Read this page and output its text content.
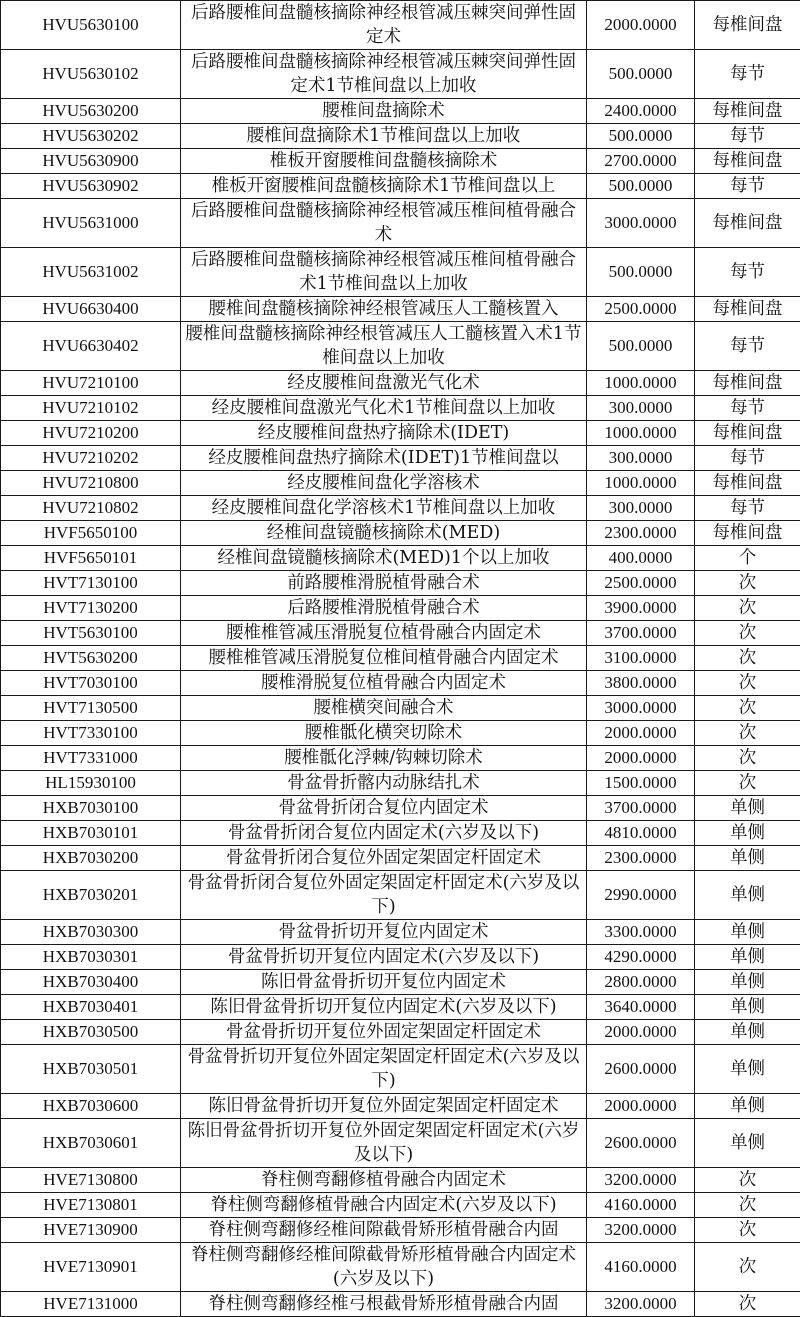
HVU5630100	后路腰椎间盘髓核摘除神经根管减压棘突间弹性固定术	2000.0000	每椎间盘
HVU5630102	后路腰椎间盘髓核摘除神经根管减压棘突间弹性固定术1节椎间盘以上加收	500.0000	每节
HVU5630200	腰椎间盘摘除术	2400.0000	每椎间盘
HVU5630202	腰椎间盘摘除术1节椎间盘以上加收	500.0000	每节
HVU5630900	椎板开窗腰椎间盘髓核摘除术	2700.0000	每椎间盘
HVU5630902	椎板开窗腰椎间盘髓核摘除术1节椎间盘以上	500.0000	每节
HVU5631000	后路腰椎间盘髓核摘除神经根管减压椎间植骨融合术	3000.0000	每椎间盘
HVU5631002	后路腰椎间盘髓核摘除神经根管减压椎间植骨融合术1节椎间盘以上加收	500.0000	每节
HVU6630400	腰椎间盘髓核摘除神经根管减压人工髓核置入	2500.0000	每椎间盘
HVU6630402	腰椎间盘髓核摘除神经根管减压人工髓核置入术1节椎间盘以上加收	500.0000	每节
HVU7210100	经皮腰椎间盘激光气化术	1000.0000	每椎间盘
HVU7210102	经皮腰椎间盘激光气化术1节椎间盘以上加收	300.0000	每节
HVU7210200	经皮腰椎间盘热疗摘除术(IDET)	1000.0000	每椎间盘
HVU7210202	经皮腰椎间盘热疗摘除术(IDET)1节椎间盘以	300.0000	每节
HVU7210800	经皮腰椎间盘化学溶核术	1000.0000	每椎间盘
HVU7210802	经皮腰椎间盘化学溶核术1节椎间盘以上加收	300.0000	每节
HVF5650100	经椎间盘镜髓核摘除术(MED)	2300.0000	每椎间盘
HVF5650101	经椎间盘镜髓核摘除术(MED)1个以上加收	400.0000	个
HVT7130100	前路腰椎滑脱植骨融合术	2500.0000	次
HVT7130200	后路腰椎滑脱植骨融合术	3900.0000	次
HVT5630100	腰椎椎管减压滑脱复位植骨融合内固定术	3700.0000	次
HVT5630200	腰椎椎管减压滑脱复位椎间植骨融合内固定术	3100.0000	次
HVT7030100	腰椎滑脱复位植骨融合内固定术	3800.0000	次
HVT7130500	腰椎横突间融合术	3000.0000	次
HVT7330100	腰椎骶化横突切除术	2000.0000	次
HVT7331000	腰椎骶化浮棘/钩棘切除术	2000.0000	次
HL15930100	骨盆骨折髂内动脉结扎术	1500.0000	次
HXB7030100	骨盆骨折闭合复位内固定术	3700.0000	单侧
HXB7030101	骨盆骨折闭合复位内固定术(六岁及以下)	4810.0000	单侧
HXB7030200	骨盆骨折闭合复位外固定架固定杆固定术	2300.0000	单侧
HXB7030201	骨盆骨折闭合复位外固定架固定杆固定术(六岁及以下)	2990.0000	单侧
HXB7030300	骨盆骨折切开复位内固定术	3300.0000	单侧
HXB7030301	骨盆骨折切开复位内固定术(六岁及以下)	4290.0000	单侧
HXB7030400	陈旧骨盆骨折切开复位内固定术	2800.0000	单侧
HXB7030401	陈旧骨盆骨折切开复位内固定术(六岁及以下)	3640.0000	单侧
HXB7030500	骨盆骨折切开复位外固定架固定杆固定术	2000.0000	单侧
HXB7030501	骨盆骨折切开复位外固定架固定杆固定术(六岁及以下)	2600.0000	单侧
HXB7030600	陈旧骨盆骨折切开复位外固定架固定杆固定术	2000.0000	单侧
HXB7030601	陈旧骨盆骨折切开复位外固定架固定杆固定术(六岁及以下)	2600.0000	单侧
HVE7130800	脊柱侧弯翻修植骨融合内固定术	3200.0000	次
HVE7130801	脊柱侧弯翻修植骨融合内固定术(六岁及以下)	4160.0000	次
HVE7130900	脊柱侧弯翻修经椎间隙截骨矫形植骨融合内固	3200.0000	次
HVE7130901	脊柱侧弯翻修经椎间隙截骨矫形植骨融合内固定术(六岁及以下)	4160.0000	次
HVE7131000	脊柱侧弯翻修经椎弓根截骨矫形植骨融合内固	3200.0000	次
